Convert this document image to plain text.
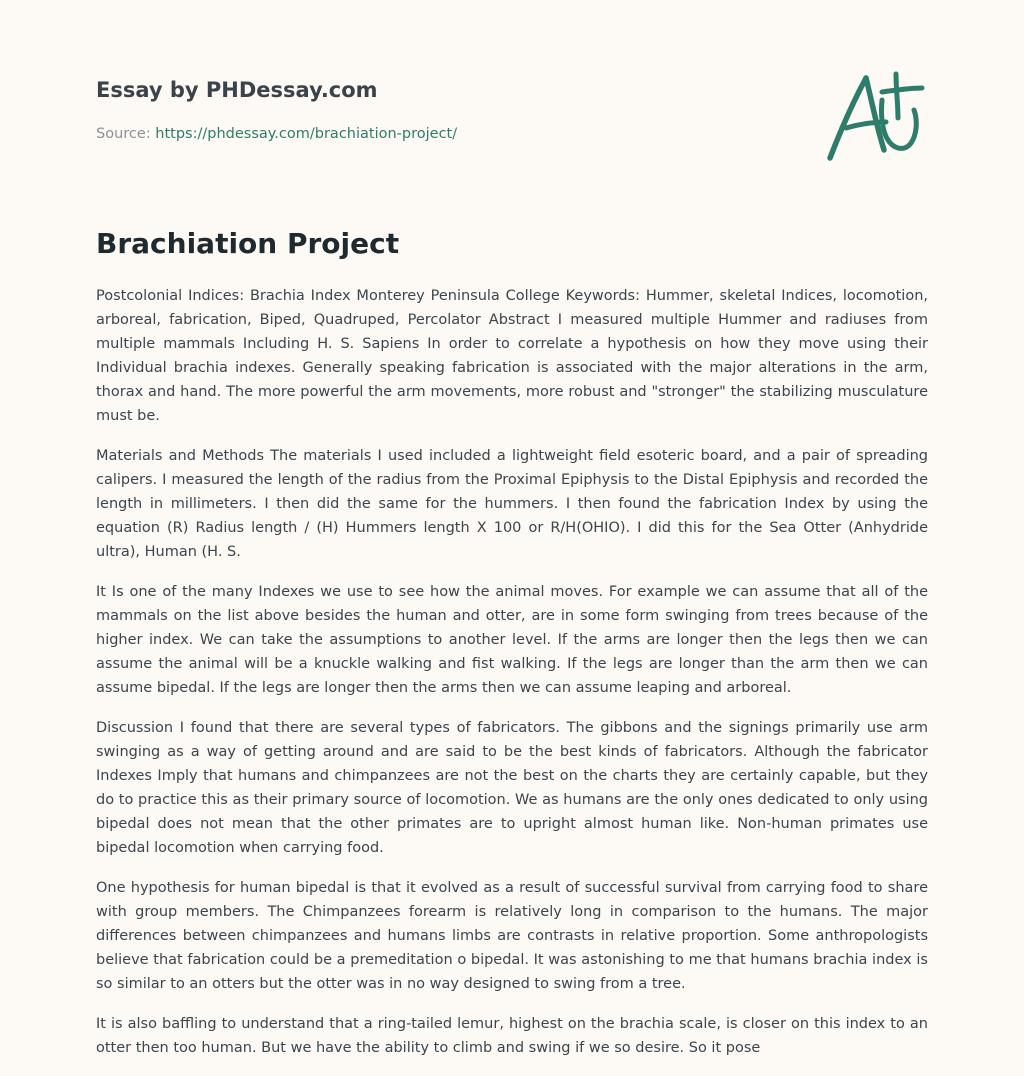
Essay by PHDessay.com
Source: https://phdessay.com/brachiation-project/
Brachiation Project

Postcolonial Indices: Brachia Index Monterey Peninsula College Keywords: Hummer, skeletal Indices, locomotion, arboreal, fabrication, Biped, Quadruped, Percolator Abstract I measured multiple Hummer and radiuses from multiple mammals Including H. S. Sapiens In order to correlate a hypothesis on how they move using their Individual brachia indexes. Generally speaking fabrication is associated with the major alterations in the arm, thorax and hand. The more powerful the arm movements, more robust and "stronger" the stabilizing musculature must be.

Materials and Methods The materials I used included a lightweight field esoteric board, and a pair of spreading calipers. I measured the length of the radius from the Proximal Epiphysis to the Distal Epiphysis and recorded the length in millimeters. I then did the same for the hummers. I then found the fabrication Index by using the equation (R) Radius length / (H) Hummers length X 100 or R/H(OHIO). I did this for the Sea Otter (Anhydride ultra), Human (H. S.

It Is one of the many Indexes we use to see how the animal moves. For example we can assume that all of the mammals on the list above besides the human and otter, are in some form swinging from trees because of the higher index. We can take the assumptions to another level. If the arms are longer then the legs then we can assume the animal will be a knuckle walking and fist walking. If the legs are longer than the arm then we can assume bipedal. If the legs are longer then the arms then we can assume leaping and arboreal.

Discussion I found that there are several types of fabricators. The gibbons and the signings primarily use arm swinging as a way of getting around and are said to be the best kinds of fabricators. Although the fabricator Indexes Imply that humans and chimpanzees are not the best on the charts they are certainly capable, but they do to practice this as their primary source of locomotion. We as humans are the only ones dedicated to only using bipedal does not mean that the other primates are to upright almost human like. Non-human primates use bipedal locomotion when carrying food.

One hypothesis for human bipedal is that it evolved as a result of successful survival from carrying food to share with group members. The Chimpanzees forearm is relatively long in comparison to the humans. The major differences between chimpanzees and humans limbs are contrasts in relative proportion. Some anthropologists believe that fabrication could be a premeditation o bipedal. It was astonishing to me that humans brachia index is so similar to an otters but the otter was in no way designed to swing from a tree.

It is also baffling to understand that a ring-tailed lemur, highest on the brachia scale, is closer on this index to an otter then too human. But we have the ability to climb and swing if we so desire. So it pose
